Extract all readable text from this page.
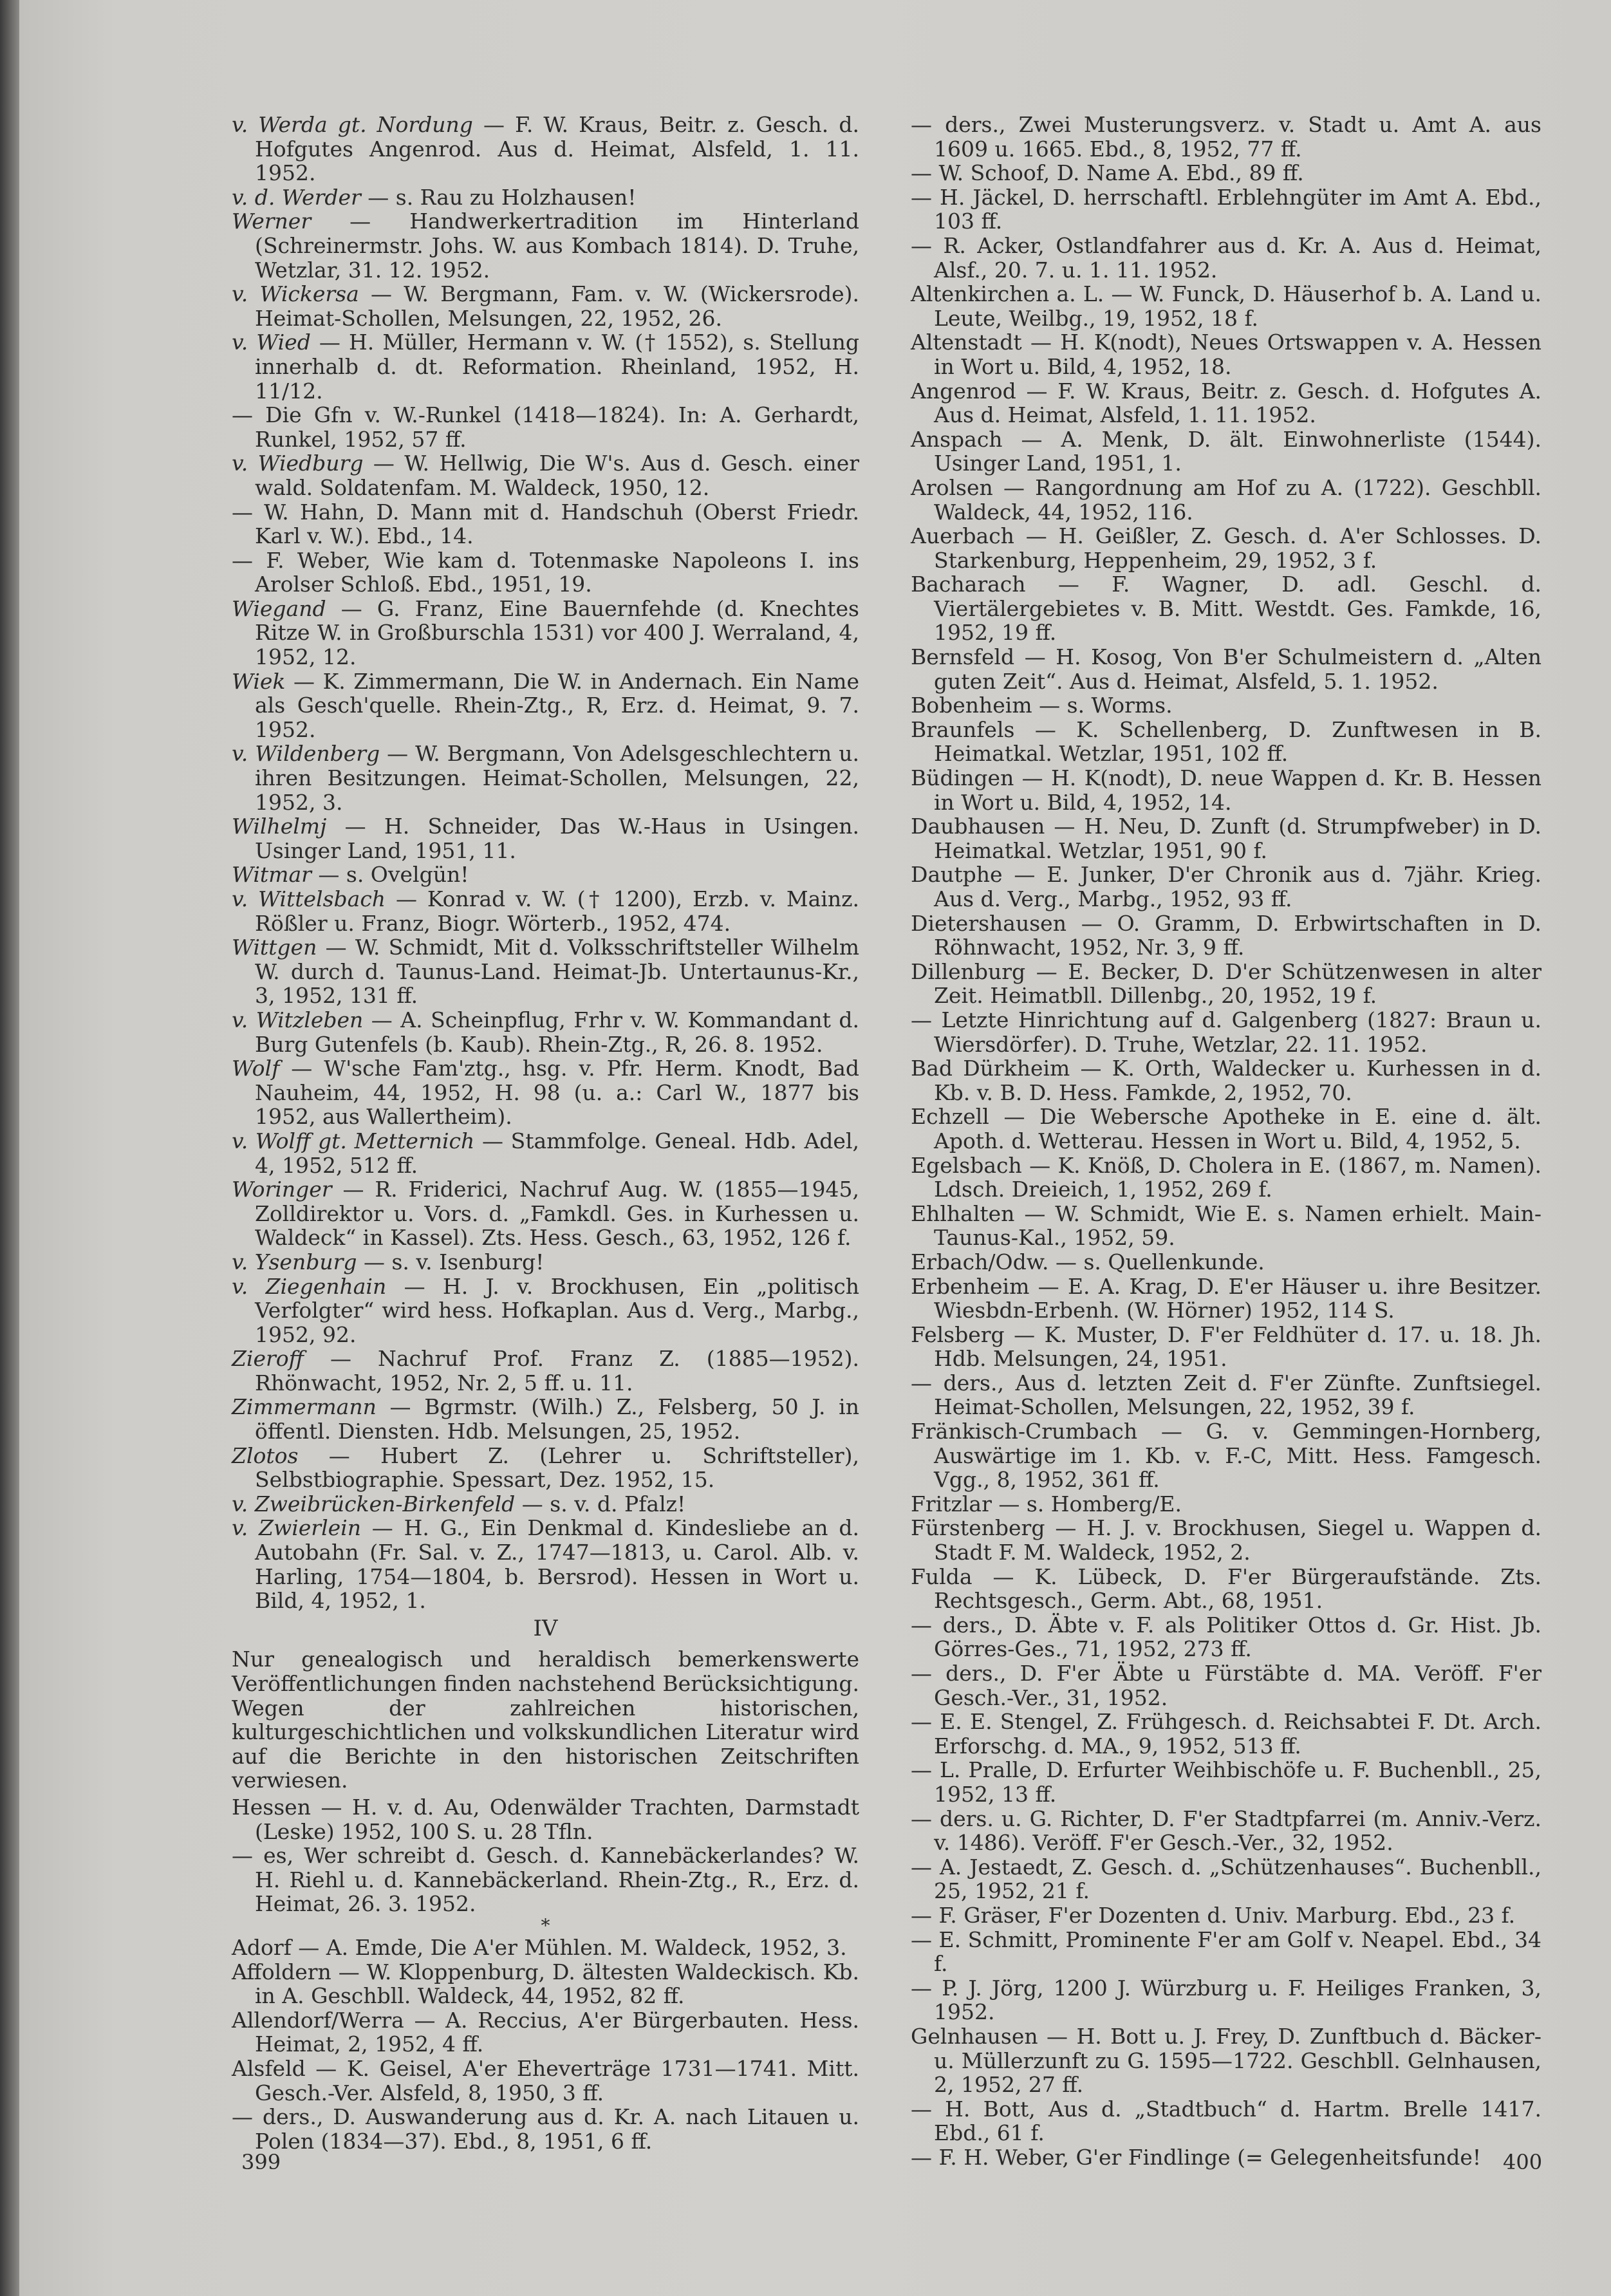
v. Werda gt. Nordung — F. W. Kraus, Beitr. z. Gesch. d. Hofgutes Angenrod. Aus d. Heimat, Alsfeld, 1. 11. 1952.
v. d. Werder — s. Rau zu Holzhausen!
Werner — Handwerkertradition im Hinterland (Schreinermstr. Johs. W. aus Kombach 1814). D. Truhe, Wetzlar, 31. 12. 1952.
v. Wickersa — W. Bergmann, Fam. v. W. (Wickersrode). Heimat-Schollen, Melsungen, 22, 1952, 26.
v. Wied — H. Müller, Hermann v. W. († 1552), s. Stellung innerhalb d. dt. Reformation. Rheinland, 1952, H. 11/12.
— Die Gfn v. W.-Runkel (1418—1824). In: A. Gerhardt, Runkel, 1952, 57 ff.
v. Wiedburg — W. Hellwig, Die W's. Aus d. Gesch. einer wald. Soldatenfam. M. Waldeck, 1950, 12.
— W. Hahn, D. Mann mit d. Handschuh (Oberst Friedr. Karl v. W.). Ebd., 14.
— F. Weber, Wie kam d. Totenmaske Napoleons I. ins Arolser Schloß. Ebd., 1951, 19.
Wiegand — G. Franz, Eine Bauernfehde (d. Knechtes Ritze W. in Großburschla 1531) vor 400 J. Werraland, 4, 1952, 12.
Wiek — K. Zimmermann, Die W. in Andernach. Ein Name als Gesch'quelle. Rhein-Ztg., R, Erz. d. Heimat, 9. 7. 1952.
v. Wildenberg — W. Bergmann, Von Adelsgeschlechtern u. ihren Besitzungen. Heimat-Schollen, Melsungen, 22, 1952, 3.
Wilhelmj — H. Schneider, Das W.-Haus in Usingen. Usinger Land, 1951, 11.
Witmar — s. Ovelgün!
v. Wittelsbach — Konrad v. W. († 1200), Erzb. v. Mainz. Rößler u. Franz, Biogr. Wörterb., 1952, 474.
Wittgen — W. Schmidt, Mit d. Volksschriftsteller Wilhelm W. durch d. Taunus-Land. Heimat-Jb. Untertaunus-Kr., 3, 1952, 131 ff.
v. Witzleben — A. Scheinpflug, Frhr v. W. Kommandant d. Burg Gutenfels (b. Kaub). Rhein-Ztg., R, 26. 8. 1952.
Wolf — W'sche Fam'ztg., hsg. v. Pfr. Herm. Knodt, Bad Nauheim, 44, 1952, H. 98 (u. a.: Carl W., 1877 bis 1952, aus Wallertheim).
v. Wolff gt. Metternich — Stammfolge. Geneal. Hdb. Adel, 4, 1952, 512 ff.
Woringer — R. Friderici, Nachruf Aug. W. (1855—1945, Zolldirektor u. Vors. d. „Famkdl. Ges. in Kurhessen u. Waldeck“ in Kassel). Zts. Hess. Gesch., 63, 1952, 126 f.
v. Ysenburg — s. v. Isenburg!
v. Ziegenhain — H. J. v. Brockhusen, Ein „politisch Verfolgter“ wird hess. Hofkaplan. Aus d. Verg., Marbg., 1952, 92.
Zieroff — Nachruf Prof. Franz Z. (1885—1952). Rhönwacht, 1952, Nr. 2, 5 ff. u. 11.
Zimmermann — Bgrmstr. (Wilh.) Z., Felsberg, 50 J. in öffentl. Diensten. Hdb. Melsungen, 25, 1952.
Zlotos — Hubert Z. (Lehrer u. Schriftsteller), Selbstbiographie. Spessart, Dez. 1952, 15.
v. Zweibrücken-Birkenfeld — s. v. d. Pfalz!
v. Zwierlein — H. G., Ein Denkmal d. Kindesliebe an d. Autobahn (Fr. Sal. v. Z., 1747—1813, u. Carol. Alb. v. Harling, 1754—1804, b. Bersrod). Hessen in Wort u. Bild, 4, 1952, 1.
IV
Nur genealogisch und heraldisch bemerkenswerte Veröffentlichungen finden nachstehend Berücksichtigung. Wegen der zahlreichen historischen, kulturgeschichtlichen und volkskundlichen Literatur wird auf die Berichte in den historischen Zeitschriften verwiesen.
Hessen — H. v. d. Au, Odenwälder Trachten, Darmstadt (Leske) 1952, 100 S. u. 28 Tfln.
— es, Wer schreibt d. Gesch. d. Kannebäckerlandes? W. H. Riehl u. d. Kannebäckerland. Rhein-Ztg., R., Erz. d. Heimat, 26. 3. 1952.
*
Adorf — A. Emde, Die A'er Mühlen. M. Waldeck, 1952, 3.
Affoldern — W. Kloppenburg, D. ältesten Waldeckisch. Kb. in A. Geschbll. Waldeck, 44, 1952, 82 ff.
Allendorf/Werra — A. Reccius, A'er Bürgerbauten. Hess. Heimat, 2, 1952, 4 ff.
Alsfeld — K. Geisel, A'er Eheverträge 1731—1741. Mitt. Gesch.-Ver. Alsfeld, 8, 1950, 3 ff.
— ders., D. Auswanderung aus d. Kr. A. nach Litauen u. Polen (1834—37). Ebd., 8, 1951, 6 ff.
— ders., Zwei Musterungsverz. v. Stadt u. Amt A. aus 1609 u. 1665. Ebd., 8, 1952, 77 ff.
— W. Schoof, D. Name A. Ebd., 89 ff.
— H. Jäckel, D. herrschaftl. Erblehngüter im Amt A. Ebd., 103 ff.
— R. Acker, Ostlandfahrer aus d. Kr. A. Aus d. Heimat, Alsf., 20. 7. u. 1. 11. 1952.
Altenkirchen a. L. — W. Funck, D. Häuserhof b. A. Land u. Leute, Weilbg., 19, 1952, 18 f.
Altenstadt — H. K(nodt), Neues Ortswappen v. A. Hessen in Wort u. Bild, 4, 1952, 18.
Angenrod — F. W. Kraus, Beitr. z. Gesch. d. Hofgutes A. Aus d. Heimat, Alsfeld, 1. 11. 1952.
Anspach — A. Menk, D. ält. Einwohnerliste (1544). Usinger Land, 1951, 1.
Arolsen — Rangordnung am Hof zu A. (1722). Geschbll. Waldeck, 44, 1952, 116.
Auerbach — H. Geißler, Z. Gesch. d. A'er Schlosses. D. Starkenburg, Heppenheim, 29, 1952, 3 f.
Bacharach — F. Wagner, D. adl. Geschl. d. Viertälergebietes v. B. Mitt. Westdt. Ges. Famkde, 16, 1952, 19 ff.
Bernsfeld — H. Kosog, Von B'er Schulmeistern d. „Alten guten Zeit“. Aus d. Heimat, Alsfeld, 5. 1. 1952.
Bobenheim — s. Worms.
Braunfels — K. Schellenberg, D. Zunftwesen in B. Heimatkal. Wetzlar, 1951, 102 ff.
Büdingen — H. K(nodt), D. neue Wappen d. Kr. B. Hessen in Wort u. Bild, 4, 1952, 14.
Daubhausen — H. Neu, D. Zunft (d. Strumpfweber) in D. Heimatkal. Wetzlar, 1951, 90 f.
Dautphe — E. Junker, D'er Chronik aus d. 7jähr. Krieg. Aus d. Verg., Marbg., 1952, 93 ff.
Dietershausen — O. Gramm, D. Erbwirtschaften in D. Röhnwacht, 1952, Nr. 3, 9 ff.
Dillenburg — E. Becker, D. D'er Schützenwesen in alter Zeit. Heimatbll. Dillenbg., 20, 1952, 19 f.
— Letzte Hinrichtung auf d. Galgenberg (1827: Braun u. Wiersdörfer). D. Truhe, Wetzlar, 22. 11. 1952.
Bad Dürkheim — K. Orth, Waldecker u. Kurhessen in d. Kb. v. B. D. Hess. Famkde, 2, 1952, 70.
Echzell — Die Webersche Apotheke in E. eine d. ält. Apoth. d. Wetterau. Hessen in Wort u. Bild, 4, 1952, 5.
Egelsbach — K. Knöß, D. Cholera in E. (1867, m. Namen). Ldsch. Dreieich, 1, 1952, 269 f.
Ehlhalten — W. Schmidt, Wie E. s. Namen erhielt. Main-Taunus-Kal., 1952, 59.
Erbach/Odw. — s. Quellenkunde.
Erbenheim — E. A. Krag, D. E'er Häuser u. ihre Besitzer. Wiesbdn-Erbenh. (W. Hörner) 1952, 114 S.
Felsberg — K. Muster, D. F'er Feldhüter d. 17. u. 18. Jh. Hdb. Melsungen, 24, 1951.
— ders., Aus d. letzten Zeit d. F'er Zünfte. Zunftsiegel. Heimat-Schollen, Melsungen, 22, 1952, 39 f.
Fränkisch-Crumbach — G. v. Gemmingen-Hornberg, Auswärtige im 1. Kb. v. F.-C, Mitt. Hess. Famgesch. Vgg., 8, 1952, 361 ff.
Fritzlar — s. Homberg/E.
Fürstenberg — H. J. v. Brockhusen, Siegel u. Wappen d. Stadt F. M. Waldeck, 1952, 2.
Fulda — K. Lübeck, D. F'er Bürgeraufstände. Zts. Rechtsgesch., Germ. Abt., 68, 1951.
— ders., D. Äbte v. F. als Politiker Ottos d. Gr. Hist. Jb. Görres-Ges., 71, 1952, 273 ff.
— ders., D. F'er Äbte u Fürstäbte d. MA. Veröff. F'er Gesch.-Ver., 31, 1952.
— E. E. Stengel, Z. Frühgesch. d. Reichsabtei F. Dt. Arch. Erforschg. d. MA., 9, 1952, 513 ff.
— L. Pralle, D. Erfurter Weihbischöfe u. F. Buchenbll., 25, 1952, 13 ff.
— ders. u. G. Richter, D. F'er Stadtpfarrei (m. Anniv.-Verz. v. 1486). Veröff. F'er Gesch.-Ver., 32, 1952.
— A. Jestaedt, Z. Gesch. d. „Schützenhauses“. Buchenbll., 25, 1952, 21 f.
— F. Gräser, F'er Dozenten d. Univ. Marburg. Ebd., 23 f.
— E. Schmitt, Prominente F'er am Golf v. Neapel. Ebd., 34 f.
— P. J. Jörg, 1200 J. Würzburg u. F. Heiliges Franken, 3, 1952.
Gelnhausen — H. Bott u. J. Frey, D. Zunftbuch d. Bäcker- u. Müllerzunft zu G. 1595—1722. Geschbll. Gelnhausen, 2, 1952, 27 ff.
— H. Bott, Aus d. „Stadtbuch“ d. Hartm. Brelle 1417. Ebd., 61 f.
— F. H. Weber, G'er Findlinge (= Gelegenheitsfunde!
399	400
